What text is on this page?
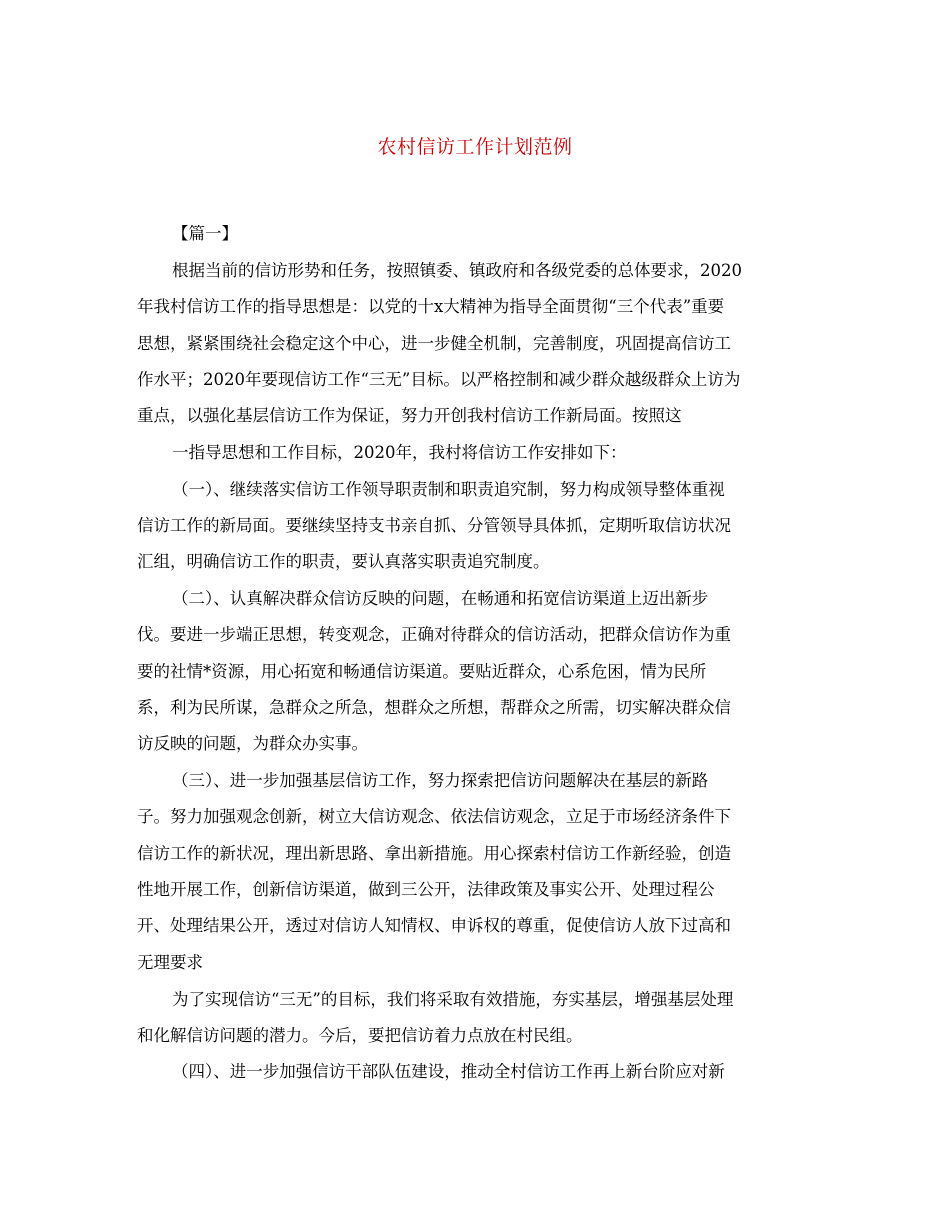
农村信访工作计划范例
【篇一】
根据当前的信访形势和任务，按照镇委、镇政府和各级党委的总体要求，2020
年我村信访工作的指导思想是：以党的十x大精神为指导全面贯彻“三个代表”重要
思想，紧紧围绕社会稳定这个中心，进一步健全机制，完善制度，巩固提高信访工
作水平；2020年要现信访工作“三无”目标。以严格控制和减少群众越级群众上访为
重点，以强化基层信访工作为保证，努力开创我村信访工作新局面。按照这
一指导思想和工作目标，2020年，我村将信访工作安排如下：
（一）、继续落实信访工作领导职责制和职责追究制，努力构成领导整体重视
信访工作的新局面。要继续坚持支书亲自抓、分管领导具体抓，定期听取信访状况
汇组，明确信访工作的职责，要认真落实职责追究制度。
（二）、认真解决群众信访反映的问题，在畅通和拓宽信访渠道上迈出新步
伐。要进一步端正思想，转变观念，正确对待群众的信访活动，把群众信访作为重
要的社情*资源，用心拓宽和畅通信访渠道。要贴近群众，心系危困，情为民所
系，利为民所谋，急群众之所急，想群众之所想，帮群众之所需，切实解决群众信
访反映的问题，为群众办实事。
（三）、进一步加强基层信访工作，努力探索把信访问题解决在基层的新路
子。努力加强观念创新，树立大信访观念、依法信访观念，立足于市场经济条件下
信访工作的新状况，理出新思路、拿出新措施。用心探索村信访工作新经验，创造
性地开展工作，创新信访渠道，做到三公开，法律政策及事实公开、处理过程公
开、处理结果公开，透过对信访人知情权、申诉权的尊重，促使信访人放下过高和
无理要求
为了实现信访“三无”的目标，我们将采取有效措施，夯实基层，增强基层处理
和化解信访问题的潜力。今后，要把信访着力点放在村民组。
（四）、进一步加强信访干部队伍建设，推动全村信访工作再上新台阶应对新
